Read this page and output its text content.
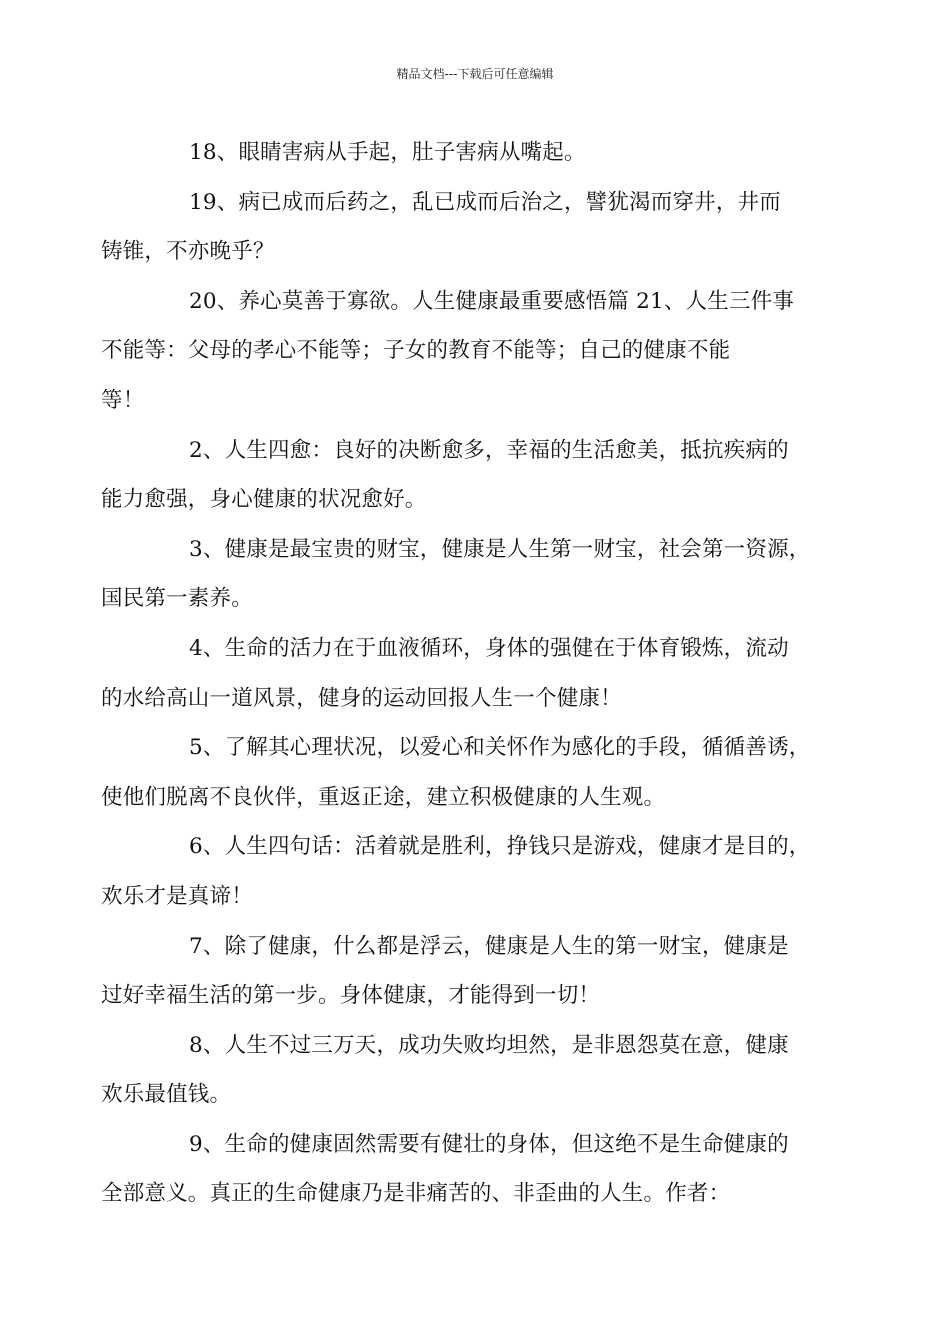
精品文档---下载后可任意编辑

18、眼睛害病从手起，肚子害病从嘴起。

19、病已成而后药之，乱已成而后治之，譬犹渴而穿井，井而
铸锥，不亦晚乎？

20、养心莫善于寡欲。人生健康最重要感悟篇 21、人生三件事
不能等：父母的孝心不能等；子女的教育不能等；自己的健康不能
等！

2、人生四愈：良好的决断愈多，幸福的生活愈美，抵抗疾病的
能力愈强，身心健康的状况愈好。

3、健康是最宝贵的财宝，健康是人生第一财宝，社会第一资源，
国民第一素养。

4、生命的活力在于血液循环，身体的强健在于体育锻炼，流动
的水给高山一道风景，健身的运动回报人生一个健康！

5、了解其心理状况，以爱心和关怀作为感化的手段，循循善诱，
使他们脱离不良伙伴，重返正途，建立积极健康的人生观。

6、人生四句话：活着就是胜利，挣钱只是游戏，健康才是目的，
欢乐才是真谛！

7、除了健康，什么都是浮云，健康是人生的第一财宝，健康是
过好幸福生活的第一步。身体健康，才能得到一切！

8、人生不过三万天，成功失败均坦然，是非恩怨莫在意，健康
欢乐最值钱。

9、生命的健康固然需要有健壮的身体，但这绝不是生命健康的
全部意义。真正的生命健康乃是非痛苦的、非歪曲的人生。作者：
